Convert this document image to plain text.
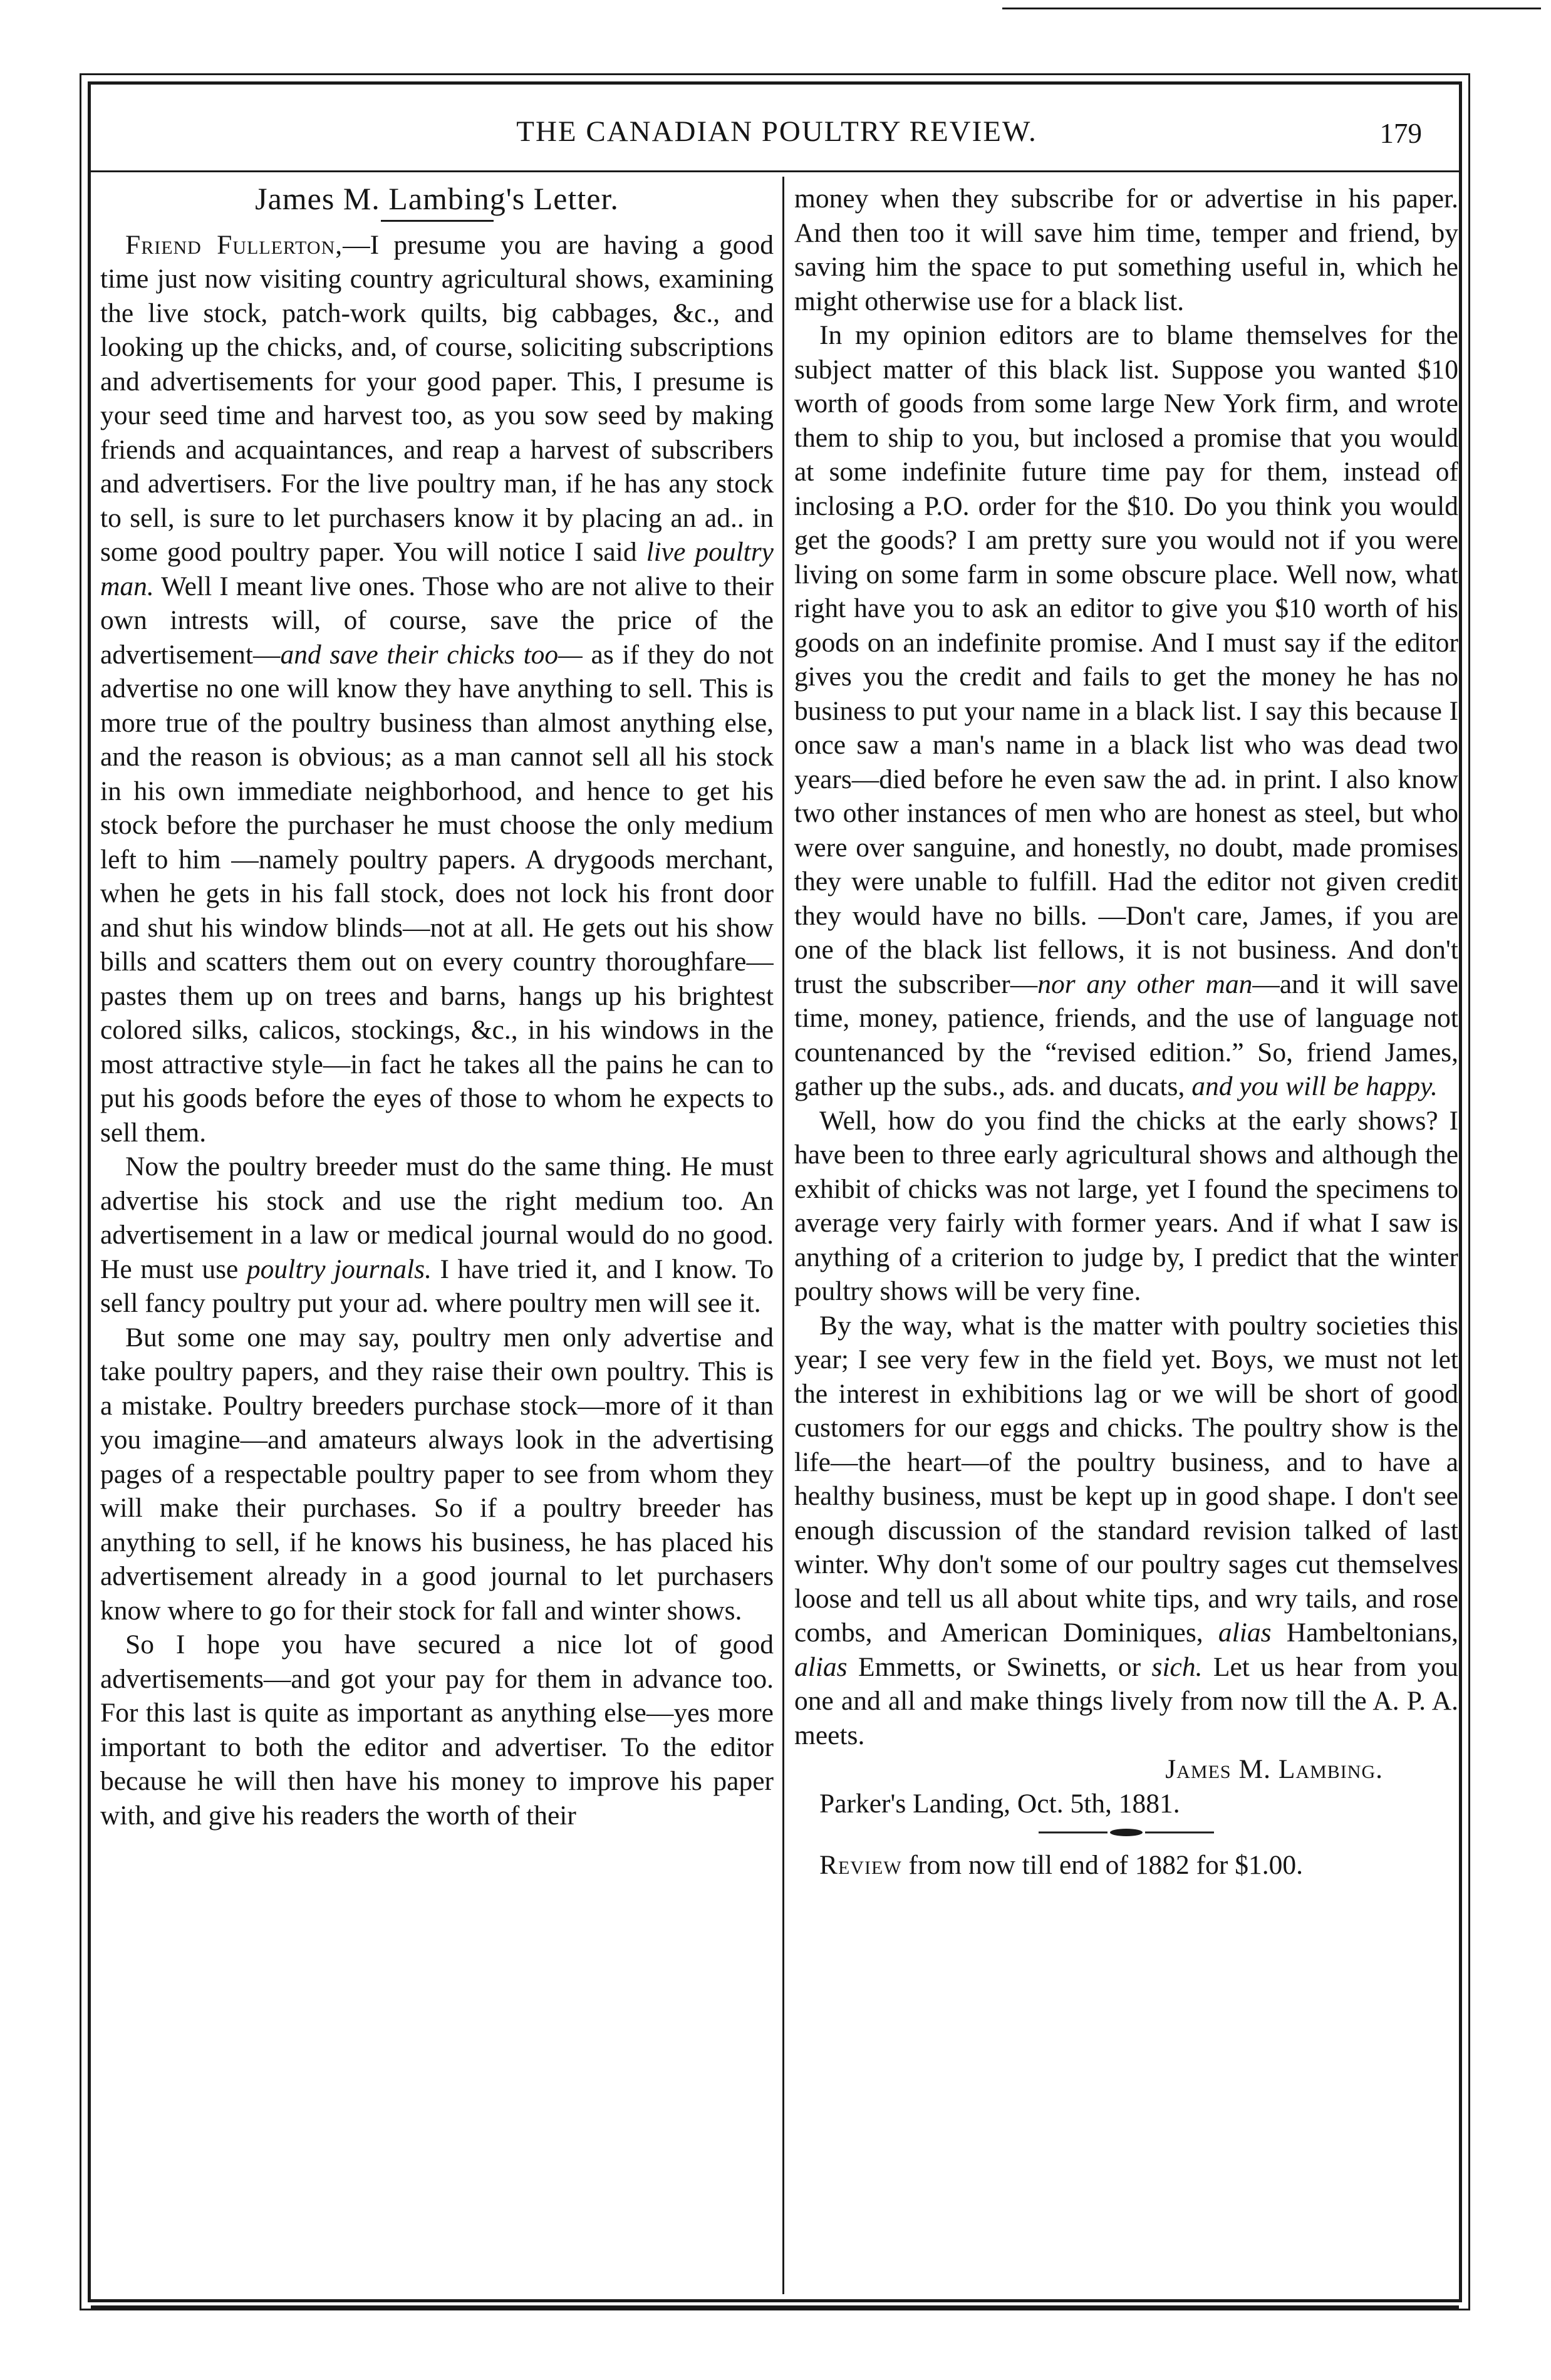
THE CANADIAN POULTRY REVIEW.	179
James M. Lambing's Letter.

Friend Fullerton,—I presume you are having a good time just now visiting country agricultural shows, examining the live stock, patch-work quilts, big cabbages, &c., and looking up the chicks, and, of course, soliciting subscriptions and advertisements for your good paper. This, I presume is your seed time and harvest too, as you sow seed by making friends and acquaintances, and reap a harvest of subscribers and advertisers. For the live poultry man, if he has any stock to sell, is sure to let purchasers know it by placing an ad.. in some good poultry paper. You will notice I said live poultry man. Well I meant live ones. Those who are not alive to their own intrests will, of course, save the price of the advertisement—and save their chicks too— as if they do not advertise no one will know they have anything to sell. This is more true of the poultry business than almost anything else, and the reason is obvious; as a man cannot sell all his stock in his own immediate neighborhood, and hence to get his stock before the purchaser he must choose the only medium left to him —namely poultry papers. A drygoods merchant, when he gets in his fall stock, does not lock his front door and shut his window blinds—not at all. He gets out his show bills and scatters them out on every country thoroughfare—pastes them up on trees and barns, hangs up his brightest colored silks, calicos, stockings, &c., in his windows in the most attractive style—in fact he takes all the pains he can to put his goods before the eyes of those to whom he expects to sell them.

Now the poultry breeder must do the same thing. He must advertise his stock and use the right medium too. An advertisement in a law or medical journal would do no good. He must use poultry journals. I have tried it, and I know. To sell fancy poultry put your ad. where poultry men will see it.

But some one may say, poultry men only advertise and take poultry papers, and they raise their own poultry. This is a mistake. Poultry breeders purchase stock—more of it than you imagine—and amateurs always look in the advertising pages of a respectable poultry paper to see from whom they will make their purchases. So if a poultry breeder has anything to sell, if he knows his business, he has placed his advertisement already in a good journal to let purchasers know where to go for their stock for fall and winter shows.

So I hope you have secured a nice lot of good advertisements—and got your pay for them in advance too. For this last is quite as important as anything else—yes more important to both the editor and advertiser. To the editor because he will then have his money to improve his paper with, and give his readers the worth of their

money when they subscribe for or advertise in his paper. And then too it will save him time, temper and friend, by saving him the space to put something useful in, which he might otherwise use for a black list.

In my opinion editors are to blame themselves for the subject matter of this black list. Suppose you wanted $10 worth of goods from some large New York firm, and wrote them to ship to you, but inclosed a promise that you would at some indefinite future time pay for them, instead of inclosing a P.O. order for the $10. Do you think you would get the goods? I am pretty sure you would not if you were living on some farm in some obscure place. Well now, what right have you to ask an editor to give you $10 worth of his goods on an indefinite promise. And I must say if the editor gives you the credit and fails to get the money he has no business to put your name in a black list. I say this because I once saw a man's name in a black list who was dead two years—died before he even saw the ad. in print. I also know two other instances of men who are honest as steel, but who were over sanguine, and honestly, no doubt, made promises they were unable to fulfill. Had the editor not given credit they would have no bills. —Don't care, James, if you are one of the black list fellows, it is not business. And don't trust the subscriber—nor any other man—and it will save time, money, patience, friends, and the use of language not countenanced by the “revised edition.” So, friend James, gather up the subs., ads. and ducats, and you will be happy.

Well, how do you find the chicks at the early shows? I have been to three early agricultural shows and although the exhibit of chicks was not large, yet I found the specimens to average very fairly with former years. And if what I saw is anything of a criterion to judge by, I predict that the winter poultry shows will be very fine.

By the way, what is the matter with poultry societies this year; I see very few in the field yet. Boys, we must not let the interest in exhibitions lag or we will be short of good customers for our eggs and chicks. The poultry show is the life—the heart—of the poultry business, and to have a healthy business, must be kept up in good shape. I don't see enough discussion of the standard revision talked of last winter. Why don't some of our poultry sages cut themselves loose and tell us all about white tips, and wry tails, and rose combs, and American Dominiques, alias Hambeltonians, alias Emmetts, or Swinetts, or sich. Let us hear from you one and all and make things lively from now till the A. P. A. meets.

James M. Lambing.

Parker's Landing, Oct. 5th, 1881.

Review from now till end of 1882 for $1.00.
